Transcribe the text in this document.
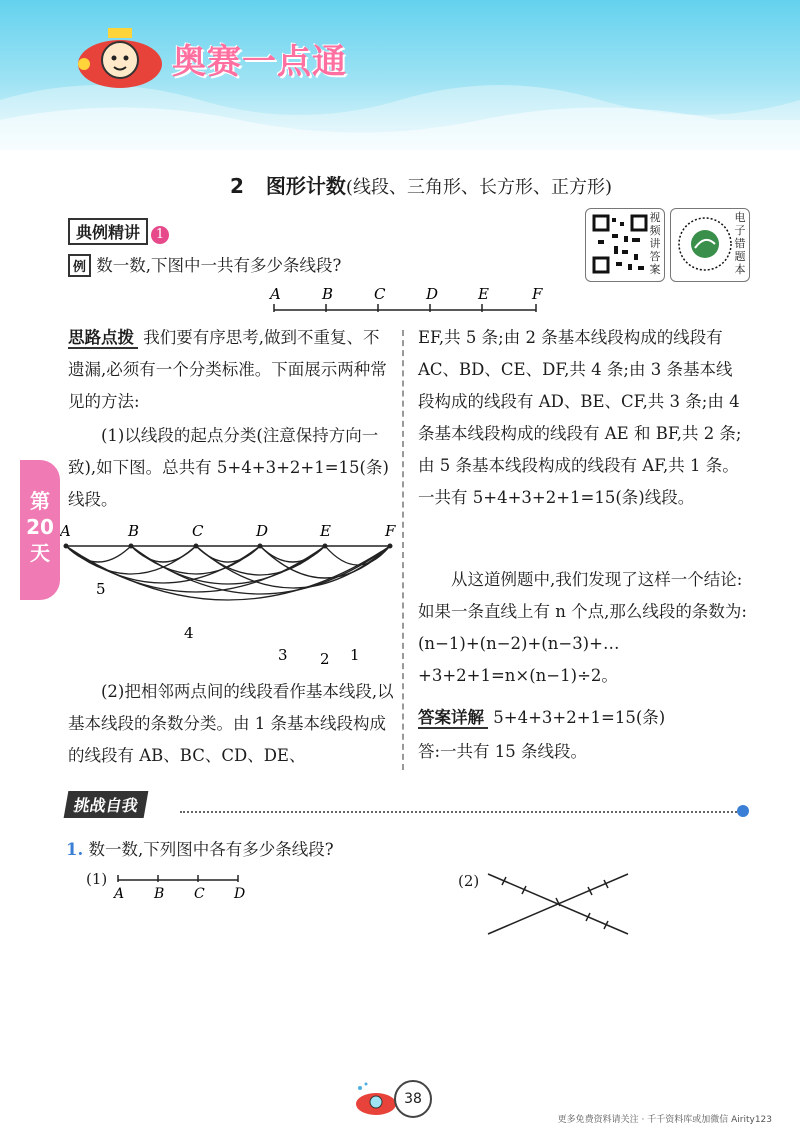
奥赛一点通
2 图形计数(线段、三角形、长方形、正方形)
典例精讲 1
视频讲答案
电子错题本
例 数一数,下图中一共有多少条线段?
A	B	C	D	E	F
思路点拨 我们要有序思考,做到不重复、不遗漏,必须有一个分类标准。下面展示两种常见的方法:
(1)以线段的起点分类(注意保持方向一致),如下图。总共有 5+4+3+2+1=15(条)线段。
A	B	C	D	E	F
5
4
3 2 1
(2)把相邻两点间的线段看作基本线段,以基本线段的条数分类。由 1 条基本线段构成的线段有 AB、BC、CD、DE、
EF,共 5 条;由 2 条基本线段构成的线段有 AC、BD、CE、DF,共 4 条;由 3 条基本线段构成的线段有 AD、BE、CF,共 3 条;由 4 条基本线段构成的线段有 AE 和 BF,共 2 条;由 5 条基本线段构成的线段有 AF,共 1 条。一共有 5+4+3+2+1=15(条)线段。
从这道例题中,我们发现了这样一个结论:如果一条直线上有 n 个点,那么线段的条数为:(n−1)+(n−2)+(n−3)+…+3+2+1=n×(n−1)÷2。
答案详解 5+4+3+2+1=15(条)
答:一共有 15 条线段。
第20天
挑战自我
1. 数一数,下列图中各有多少条线段?
(1)
A B C D
(2)
38
更多免费资料请关注 · 千千资料库或加微信 Airity123
